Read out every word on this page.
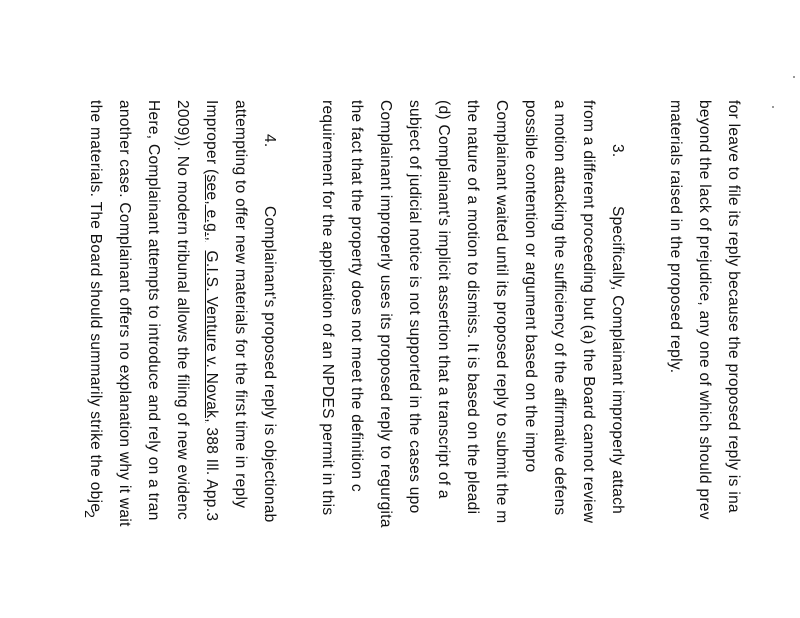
for leave to file its reply because the proposed reply is ina
beyond the lack of prejudice, any one of which should prev
materials raised in the proposed reply.
3.
Specifically, Complainant improperly attach
from a different proceeding but (a) the Board cannot review
a motion attacking the sufficiency of the affirmative defens
possible contention or argument based on the impro
Complainant waited until its proposed reply to submit the m
the nature of a motion to dismiss. It is based on the pleadi
(d) Complainant's implicit assertion that a transcript of a
subject of judicial notice is not supported in the cases upo
Complainant improperly uses its proposed reply to regurgita
the fact that the property does not meet the definition c
requirement for the application of an NPDES permit in this
4.
Complainant's proposed reply is objectionab
attempting to offer new materials for the first time in reply
Improper (see, e.g.,  G.I.S. Venture v. Novak, 388 Ill. App.3
2009)). No modern tribunal allows the filing of new evidenc
Here, Complainant attempts to introduce and rely on a tran
another case. Complainant offers no explanation why it wait
the materials. The Board should summarily strike the obje
2
